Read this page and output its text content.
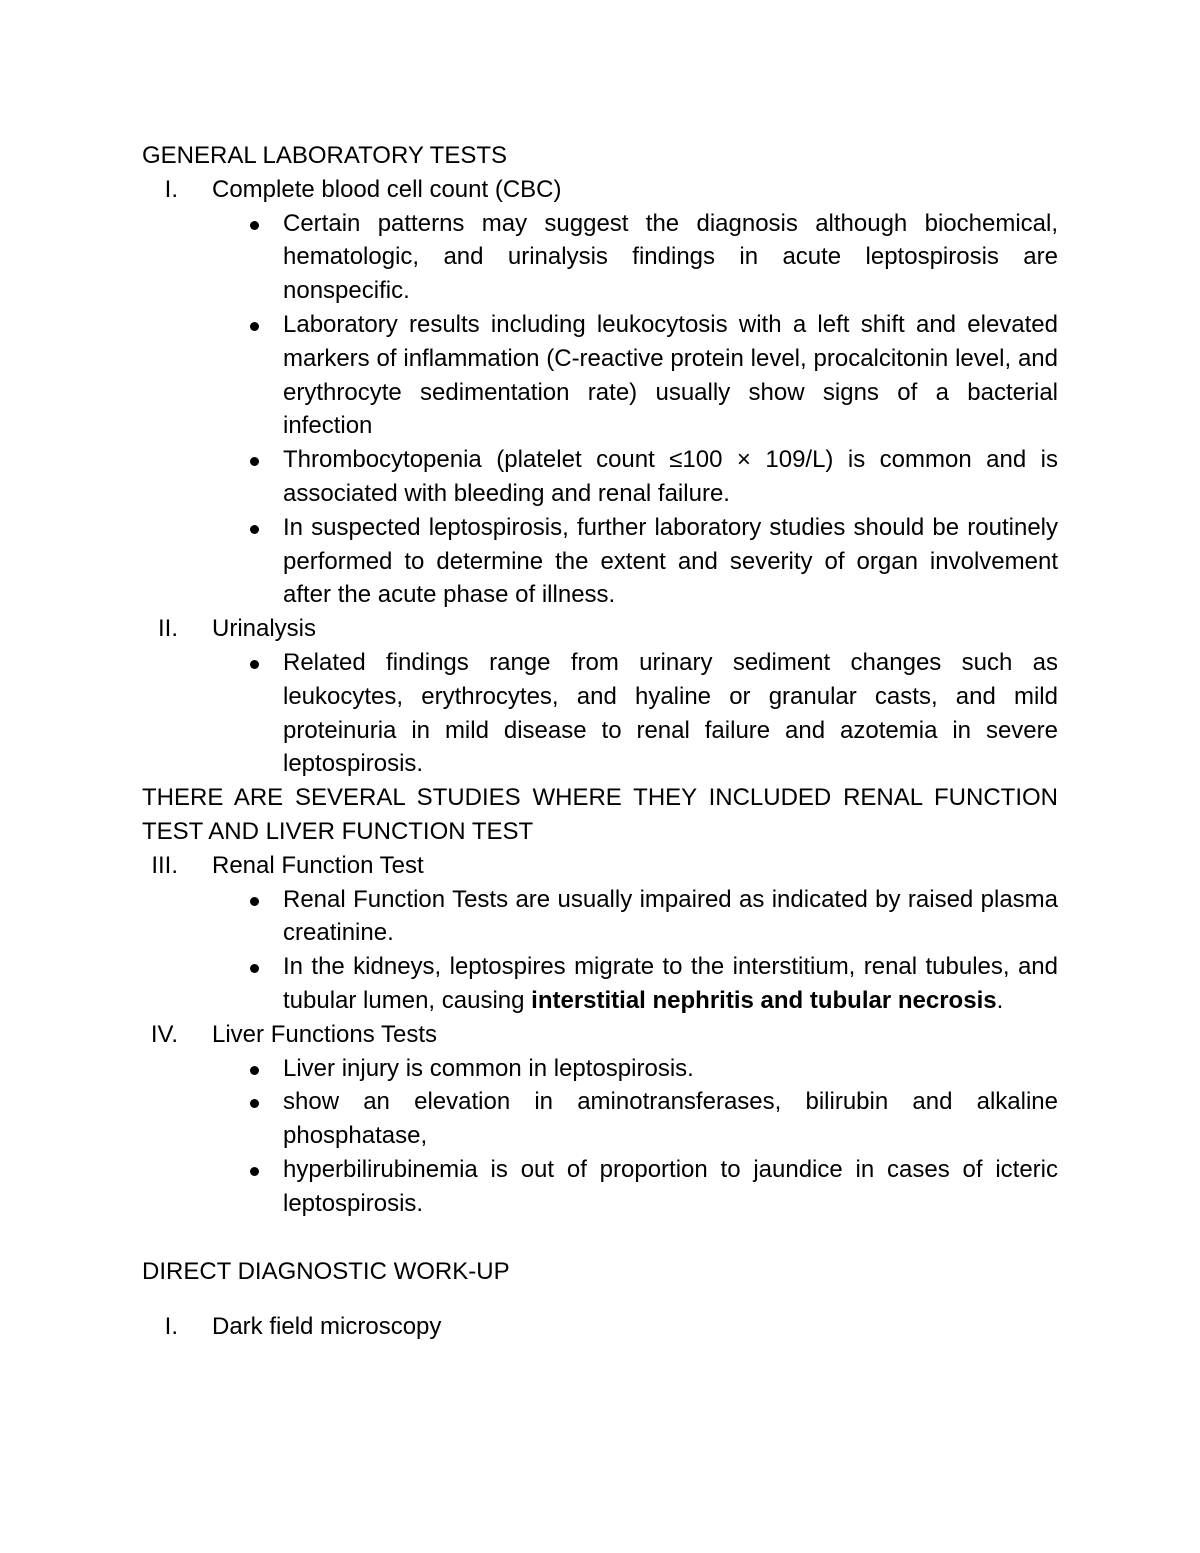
GENERAL LABORATORY TESTS

I. Complete blood cell count (CBC)
Certain patterns may suggest the diagnosis although biochemical, hematologic, and urinalysis findings in acute leptospirosis are nonspecific.
Laboratory results including leukocytosis with a left shift and elevated markers of inflammation (C-reactive protein level, procalcitonin level, and erythrocyte sedimentation rate) usually show signs of a bacterial infection
Thrombocytopenia (platelet count ≤100 × 109/L) is common and is associated with bleeding and renal failure.
In suspected leptospirosis, further laboratory studies should be routinely performed to determine the extent and severity of organ involvement after the acute phase of illness.
II. Urinalysis
Related findings range from urinary sediment changes such as leukocytes, erythrocytes, and hyaline or granular casts, and mild proteinuria in mild disease to renal failure and azotemia in severe leptospirosis.

THERE ARE SEVERAL STUDIES WHERE THEY INCLUDED RENAL FUNCTION TEST AND LIVER FUNCTION TEST

III. Renal Function Test
Renal Function Tests are usually impaired as indicated by raised plasma creatinine.
In the kidneys, leptospires migrate to the interstitium, renal tubules, and tubular lumen, causing interstitial nephritis and tubular necrosis.
IV. Liver Functions Tests
Liver injury is common in leptospirosis.
show an elevation in aminotransferases, bilirubin and alkaline phosphatase,
hyperbilirubinemia is out of proportion to jaundice in cases of icteric leptospirosis.

DIRECT DIAGNOSTIC WORK-UP

I. Dark field microscopy
